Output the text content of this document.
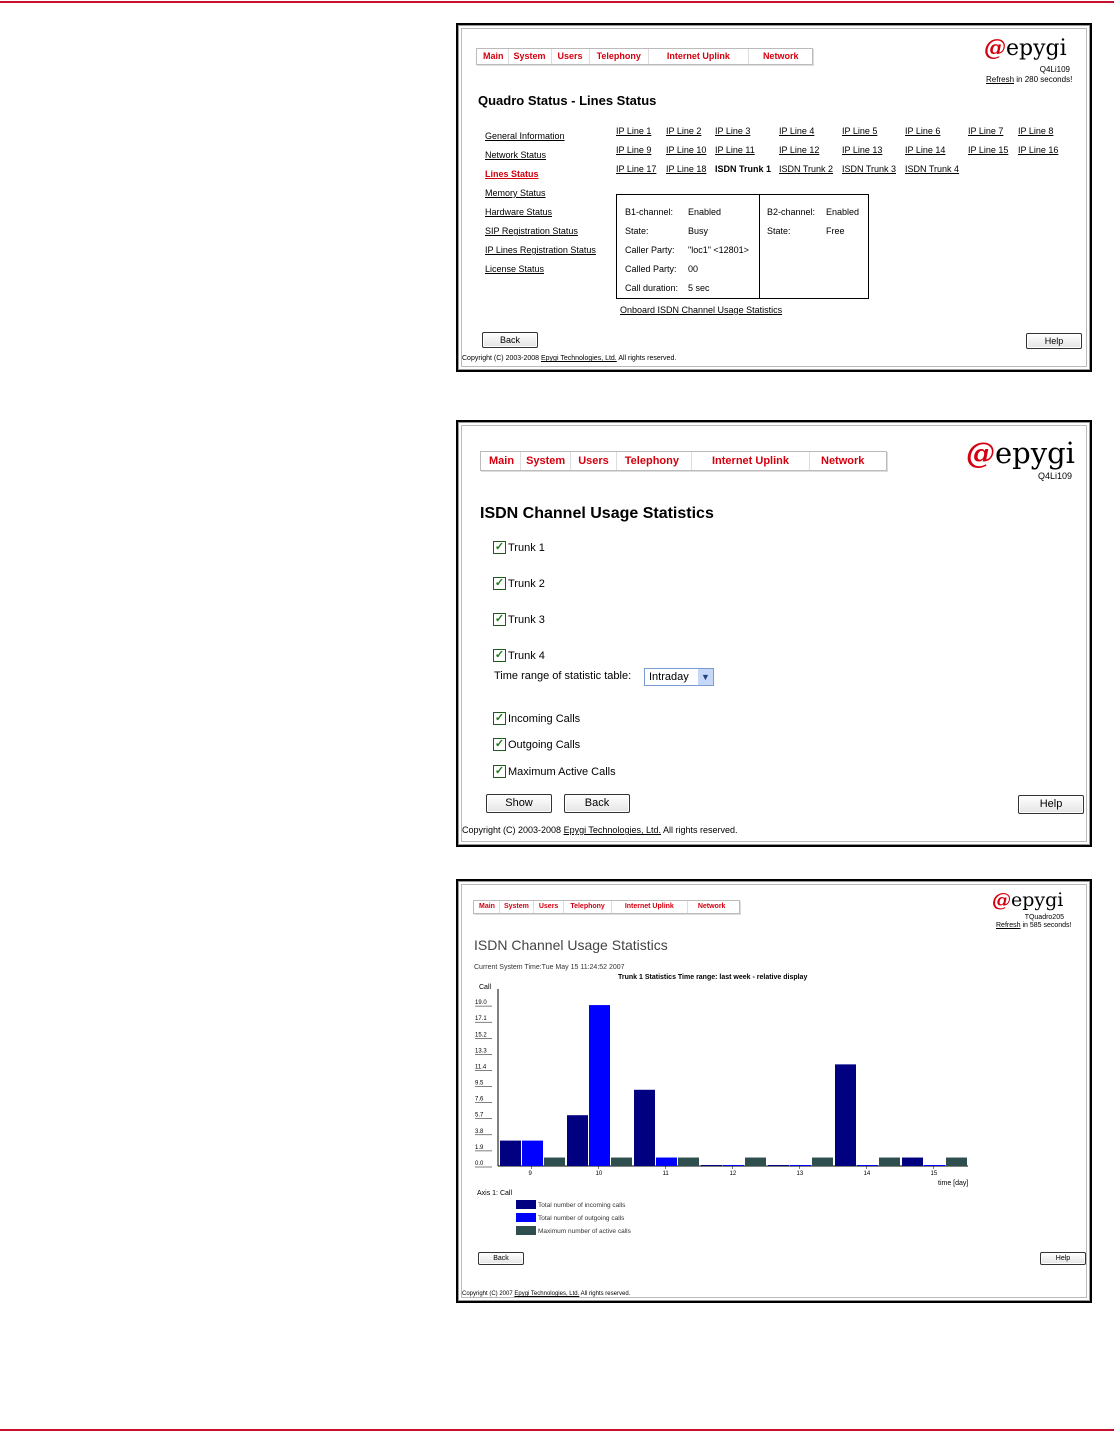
Main	System	Users	Telephony	Internet Uplink	Network	@epygi
Q4Li109
Refresh in 280 seconds!
Quadro Status - Lines Status
General Information
Network Status
Lines Status
Memory Status
Hardware Status
SIP Registration Status
IP Lines Registration Status
License Status
IP Line 1 IP Line 2 IP Line 3	IP Line 4	IP Line 5	IP Line 6	IP Line 7 IP Line 8
IP Line 9 IP Line 10 IP Line 11	IP Line 12	IP Line 13	IP Line 14	IP Line 15 IP Line 16
IP Line 17 IP Line 18 ISDN Trunk 1 ISDN Trunk 2 ISDN Trunk 3 ISDN Trunk 4
B1-channel: Enabled
State:	Busy
Caller Party: "loc1" <12801>
Called Party: 00
Call duration: 5 sec
B2-channel: Enabled
State:	Free
Onboard ISDN Channel Usage Statistics
Back	Help
Copyright (C) 2003-2008 Epygi Technologies, Ltd. All rights reserved.
Main	System	Users	Telephony	Internet Uplink	Network	@epygi
Q4Li109
ISDN Channel Usage Statistics
✓ Trunk 1
✓ Trunk 2
✓ Trunk 3
✓ Trunk 4
Time range of statistic table:	Intraday	▼
✓ Incoming Calls
✓ Outgoing Calls
✓ Maximum Active Calls
Show	Back	Help
Copyright (C) 2003-2008 Epygi Technologies, Ltd. All rights reserved.
Main	System	Users	Telephony	Internet Uplink	Network	@epygi
TQuadro205
Refresh in 585 seconds!
ISDN Channel Usage Statistics
Current System Time:Tue May 15 11:24:52 2007
Trunk 1 Statistics Time range: last week - relative display
Call
time [day]
Axis 1: Call
0.0
1.9
3.8
5.7
7.6
9.5
11.4
13.3
15.2
17.1
19.0
9	10	11	12	13	14	15
Total number of incoming calls
Total number of outgoing calls
Maximum number of active calls
Back	Help
Copyright (C) 2007 Epygi Technologies, Ltd. All rights reserved.
